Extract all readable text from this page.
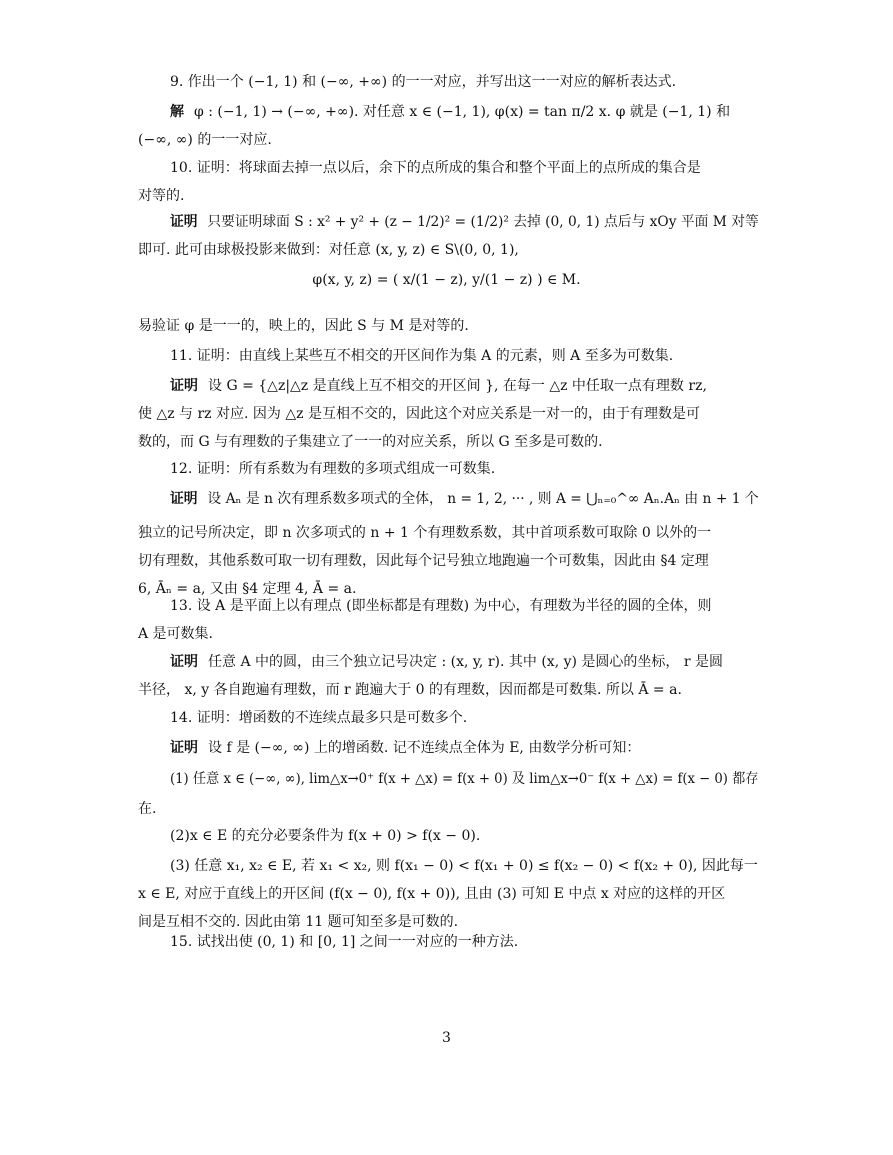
9. 作出一个 (−1, 1) 和 (−∞, +∞) 的一一对应，并写出这一一对应的解析表达式.
解 φ : (−1, 1) → (−∞, +∞). 对任意 x ∈ (−1, 1), φ(x) = tan π/2 x. φ 就是 (−1, 1) 和
(−∞, ∞) 的一一对应.
10. 证明：将球面去掉一点以后，余下的点所成的集合和整个平面上的点所成的集合是
对等的.
证明 只要证明球面 S : x² + y² + (z − 1/2)² = (1/2)² 去掉 (0, 0, 1) 点后与 xOy 平面 M 对等
即可. 此可由球极投影来做到：对任意 (x, y, z) ∈ S\(0, 0, 1),
φ(x, y, z) = ( x/(1 − z), y/(1 − z) ) ∈ M.
易验证 φ 是一一的，映上的，因此 S 与 M 是对等的.
11. 证明：由直线上某些互不相交的开区间作为集 A 的元素，则 A 至多为可数集.
证明 设 G = {△z|△z 是直线上互不相交的开区间 }, 在每一 △z 中任取一点有理数 rz,
使 △z 与 rz 对应. 因为 △z 是互相不交的，因此这个对应关系是一对一的，由于有理数是可
数的，而 G 与有理数的子集建立了一一的对应关系，所以 G 至多是可数的.
12. 证明：所有系数为有理数的多项式组成一可数集.
证明 设 Aₙ 是 n 次有理系数多项式的全体， n = 1, 2, ··· , 则 A = ⋃ₙ₌₀^∞ Aₙ.Aₙ 由 n + 1 个
独立的记号所决定，即 n 次多项式的 n + 1 个有理数系数，其中首项系数可取除 0 以外的一
切有理数，其他系数可取一切有理数，因此每个记号独立地跑遍一个可数集，因此由 §4 定理
6, Āₙ = a, 又由 §4 定理 4, Ā = a.
13. 设 A 是平面上以有理点 (即坐标都是有理数) 为中心，有理数为半径的圆的全体，则
A 是可数集.
证明 任意 A 中的圆，由三个独立记号决定 : (x, y, r). 其中 (x, y) 是圆心的坐标， r 是圆
半径， x, y 各自跑遍有理数，而 r 跑遍大于 0 的有理数，因而都是可数集. 所以 Ā = a.
14. 证明：增函数的不连续点最多只是可数多个.
证明 设 f 是 (−∞, ∞) 上的增函数. 记不连续点全体为 E, 由数学分析可知：
(1) 任意 x ∈ (−∞, ∞), lim△x→0⁺ f(x + △x) = f(x + 0) 及 lim△x→0⁻ f(x + △x) = f(x − 0) 都存
在.
(2)x ∈ E 的充分必要条件为 f(x + 0) > f(x − 0).
(3) 任意 x₁, x₂ ∈ E, 若 x₁ < x₂, 则 f(x₁ − 0) < f(x₁ + 0) ≤ f(x₂ − 0) < f(x₂ + 0), 因此每一
x ∈ E, 对应于直线上的开区间 (f(x − 0), f(x + 0)), 且由 (3) 可知 E 中点 x 对应的这样的开区
间是互相不交的. 因此由第 11 题可知至多是可数的.
15. 试找出使 (0, 1) 和 [0, 1] 之间一一对应的一种方法.
3
